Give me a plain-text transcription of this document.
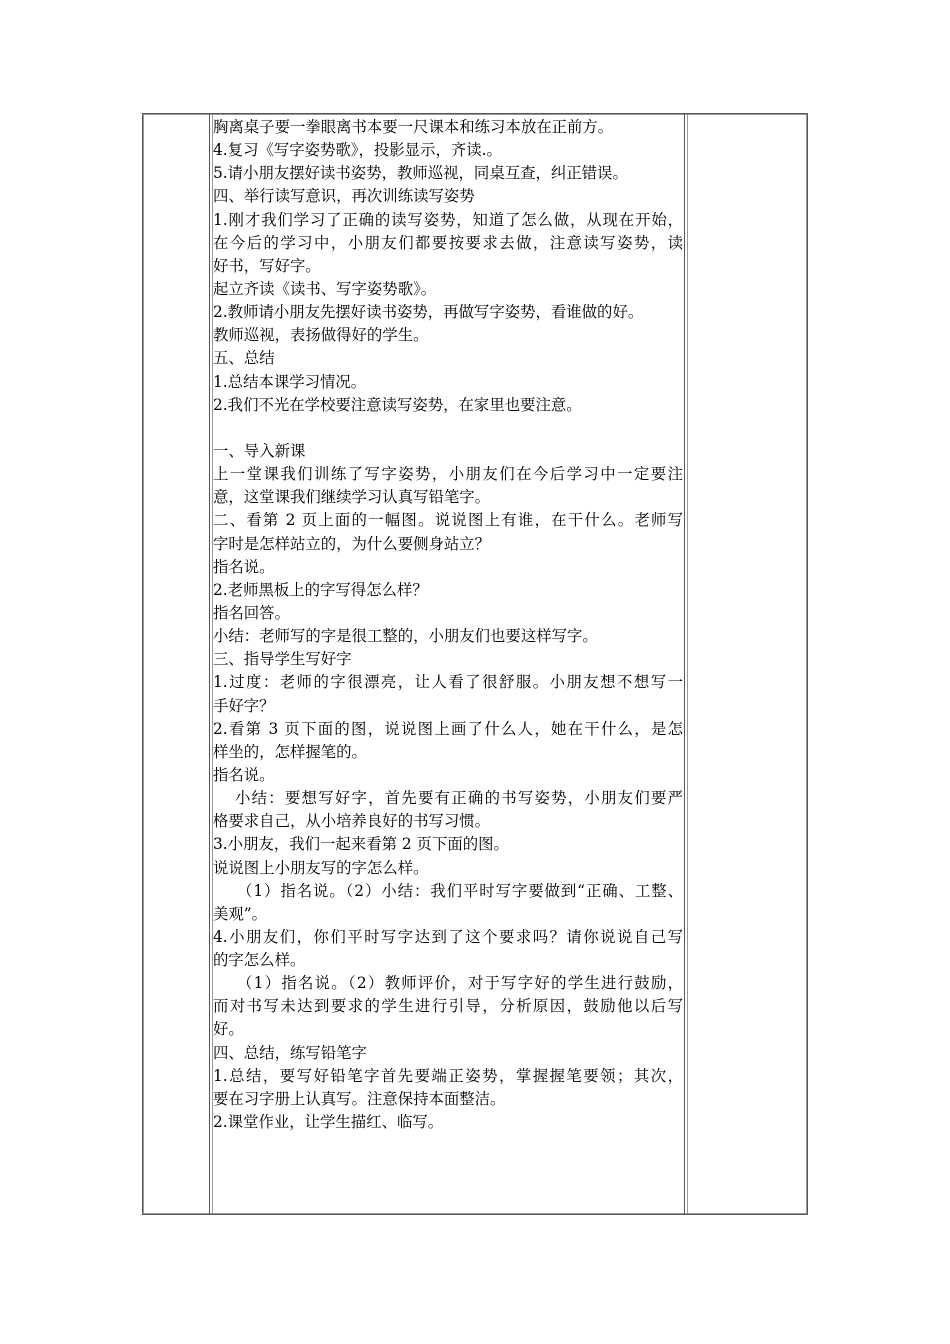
胸离桌子要一拳眼离书本要一尺课本和练习本放在正前方。
4.复习《写字姿势歌》，投影显示，齐读.。
5.请小朋友摆好读书姿势，教师巡视，同桌互查，纠正错误。
四、举行读写意识，再次训练读写姿势
1.刚才我们学习了正确的读写姿势，知道了怎么做，从现在开始，
在今后的学习中，小朋友们都要按要求去做，注意读写姿势，读
好书，写好字。
起立齐读《读书、写字姿势歌》。
2.教师请小朋友先摆好读书姿势，再做写字姿势，看谁做的好。
教师巡视，表扬做得好的学生。
五、总结
1.总结本课学习情况。
2.我们不光在学校要注意读写姿势，在家里也要注意。
一、导入新课
上一堂课我们训练了写字姿势，小朋友们在今后学习中一定要注
意，这堂课我们继续学习认真写铅笔字。
二、看第 2 页上面的一幅图。说说图上有谁，在干什么。老师写
字时是怎样站立的，为什么要侧身站立？
指名说。
2.老师黑板上的字写得怎么样？
指名回答。
小结：老师写的字是很工整的，小朋友们也要这样写字。
三、指导学生写好字
1.过度：老师的字很漂亮，让人看了很舒服。小朋友想不想写一
手好字？
2.看第 3 页下面的图，说说图上画了什么人，她在干什么，是怎
样坐的，怎样握笔的。
指名说。
小结：要想写好字，首先要有正确的书写姿势，小朋友们要严
格要求自己，从小培养良好的书写习惯。
3.小朋友，我们一起来看第 2 页下面的图。
说说图上小朋友写的字怎么样。
（1）指名说。（2）小结：我们平时写字要做到“正确、工整、
美观”。
4.小朋友们，你们平时写字达到了这个要求吗？请你说说自己写
的字怎么样。
（1）指名说。（2）教师评价，对于写字好的学生进行鼓励，
而对书写未达到要求的学生进行引导，分析原因，鼓励他以后写
好。
四、总结，练写铅笔字
1.总结，要写好铅笔字首先要端正姿势，掌握握笔要领；其次，
要在习字册上认真写。注意保持本面整洁。
2.课堂作业，让学生描红、临写。
